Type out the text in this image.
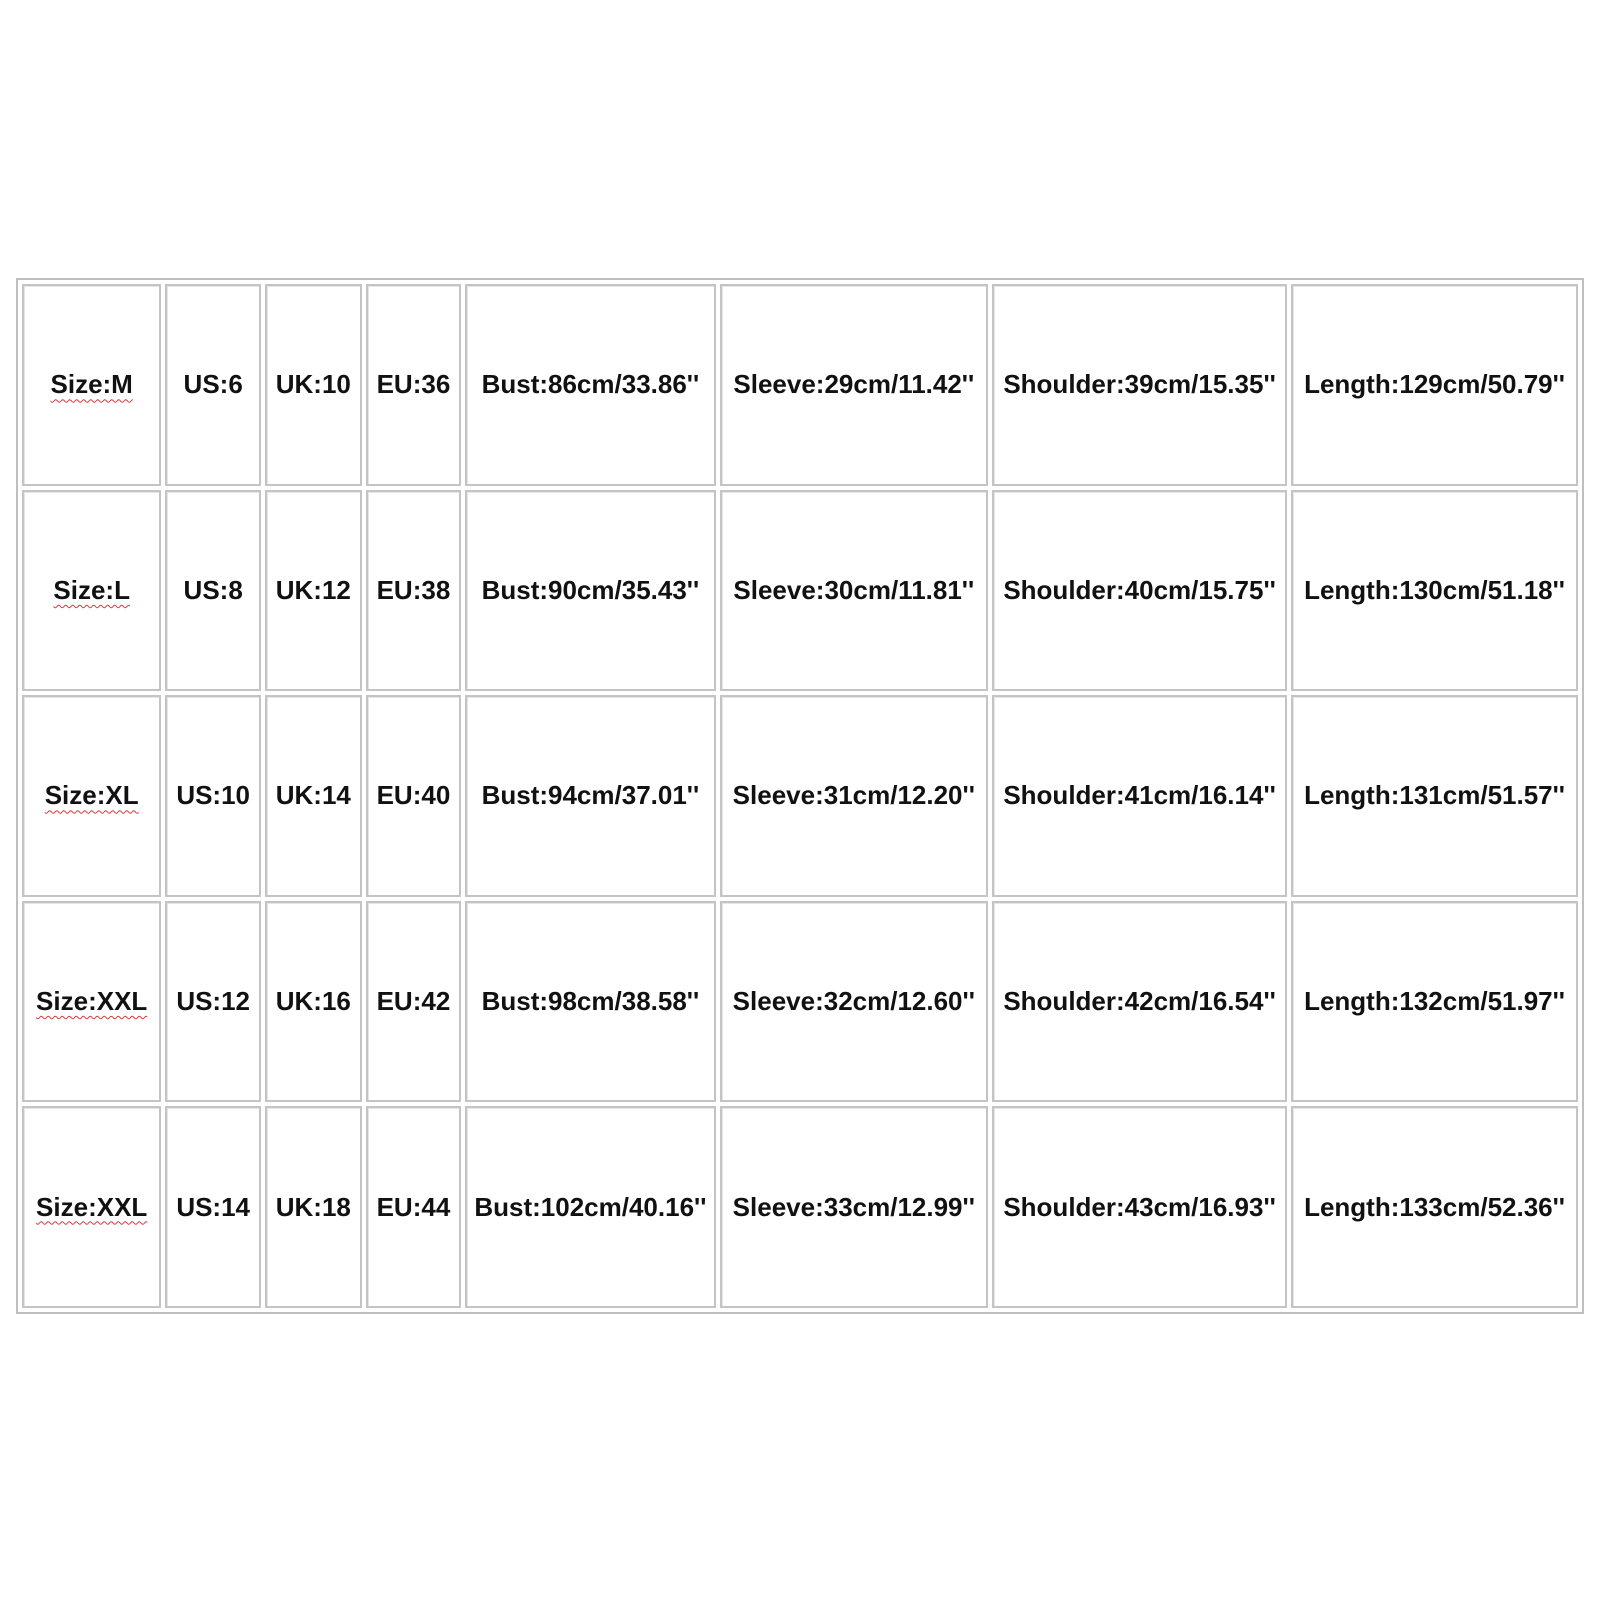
Size:M	US:6	UK:10	EU:36	Bust:86cm/33.86''	Sleeve:29cm/11.42''	Shoulder:39cm/15.35''	Length:129cm/50.79''
Size:L	US:8	UK:12	EU:38	Bust:90cm/35.43''	Sleeve:30cm/11.81''	Shoulder:40cm/15.75''	Length:130cm/51.18''
Size:XL	US:10	UK:14	EU:40	Bust:94cm/37.01''	Sleeve:31cm/12.20''	Shoulder:41cm/16.14''	Length:131cm/51.57''
Size:XXL	US:12	UK:16	EU:42	Bust:98cm/38.58''	Sleeve:32cm/12.60''	Shoulder:42cm/16.54''	Length:132cm/51.97''
Size:XXL	US:14	UK:18	EU:44	Bust:102cm/40.16''	Sleeve:33cm/12.99''	Shoulder:43cm/16.93''	Length:133cm/52.36''
